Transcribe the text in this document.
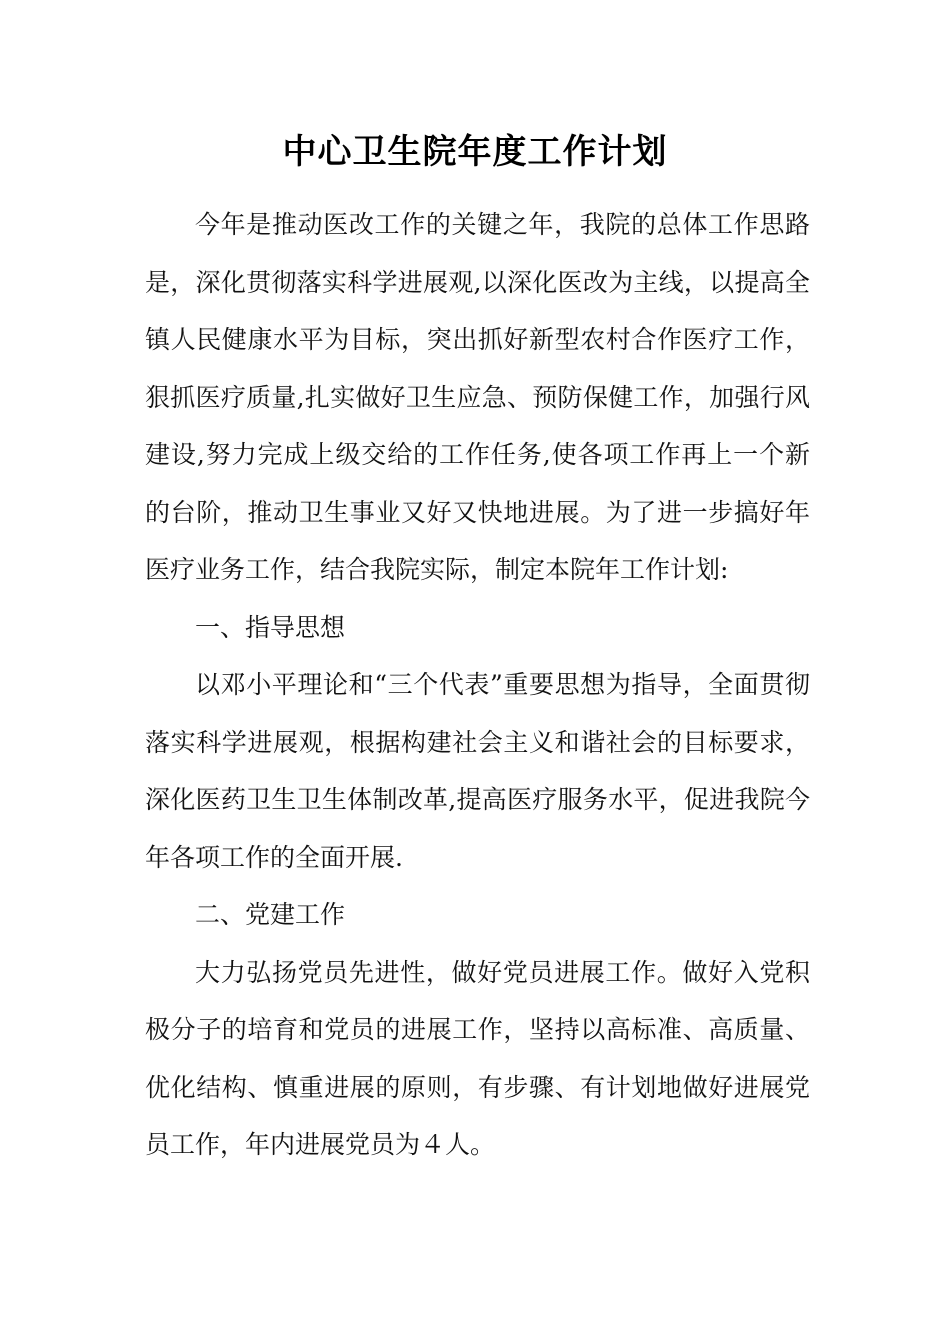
中心卫生院年度工作计划

今年是推动医改工作的关键之年，我院的总体工作思路是，深化贯彻落实科学进展观,以深化医改为主线，以提高全镇人民健康水平为目标，突出抓好新型农村合作医疗工作，狠抓医疗质量,扎实做好卫生应急、预防保健工作，加强行风建设,努力完成上级交给的工作任务,使各项工作再上一个新的台阶，推动卫生事业又好又快地进展。为了进一步搞好年医疗业务工作，结合我院实际，制定本院年工作计划:

一、指导思想

以邓小平理论和“三个代表”重要思想为指导，全面贯彻落实科学进展观，根据构建社会主义和谐社会的目标要求，深化医药卫生卫生体制改革,提高医疗服务水平，促进我院今年各项工作的全面开展.

二、党建工作

大力弘扬党员先进性，做好党员进展工作。做好入党积极分子的培育和党员的进展工作，坚持以高标准、高质量、优化结构、慎重进展的原则，有步骤、有计划地做好进展党员工作，年内进展党员为４人。
